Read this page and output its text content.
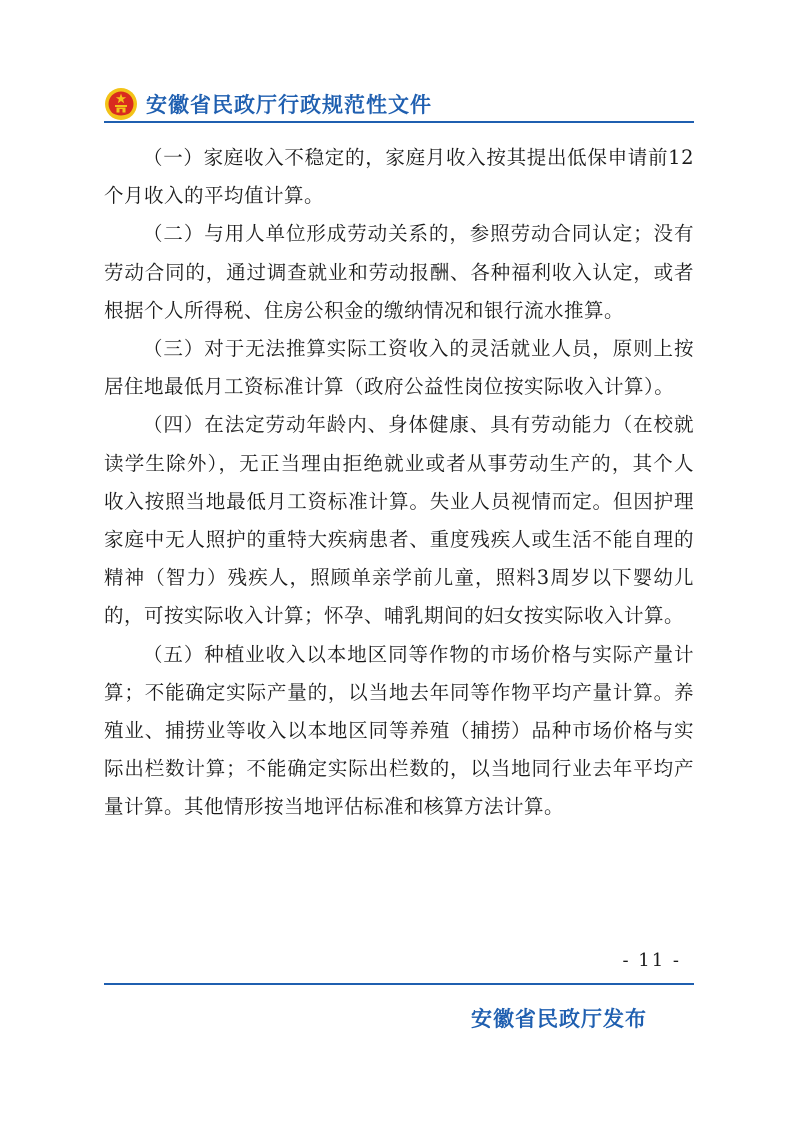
安徽省民政厅行政规范性文件

（一）家庭收入不稳定的，家庭月收入按其提出低保申请前12个月收入的平均值计算。

（二）与用人单位形成劳动关系的，参照劳动合同认定；没有劳动合同的，通过调查就业和劳动报酬、各种福利收入认定，或者根据个人所得税、住房公积金的缴纳情况和银行流水推算。

（三）对于无法推算实际工资收入的灵活就业人员，原则上按居住地最低月工资标准计算（政府公益性岗位按实际收入计算）。

（四）在法定劳动年龄内、身体健康、具有劳动能力（在校就读学生除外），无正当理由拒绝就业或者从事劳动生产的，其个人收入按照当地最低月工资标准计算。失业人员视情而定。但因护理家庭中无人照护的重特大疾病患者、重度残疾人或生活不能自理的精神（智力）残疾人，照顾单亲学前儿童，照料3周岁以下婴幼儿的，可按实际收入计算；怀孕、哺乳期间的妇女按实际收入计算。

（五）种植业收入以本地区同等作物的市场价格与实际产量计算；不能确定实际产量的，以当地去年同等作物平均产量计算。养殖业、捕捞业等收入以本地区同等养殖（捕捞）品种市场价格与实际出栏数计算；不能确定实际出栏数的，以当地同行业去年平均产量计算。其他情形按当地评估标准和核算方法计算。

- 11 -
安徽省民政厅发布
